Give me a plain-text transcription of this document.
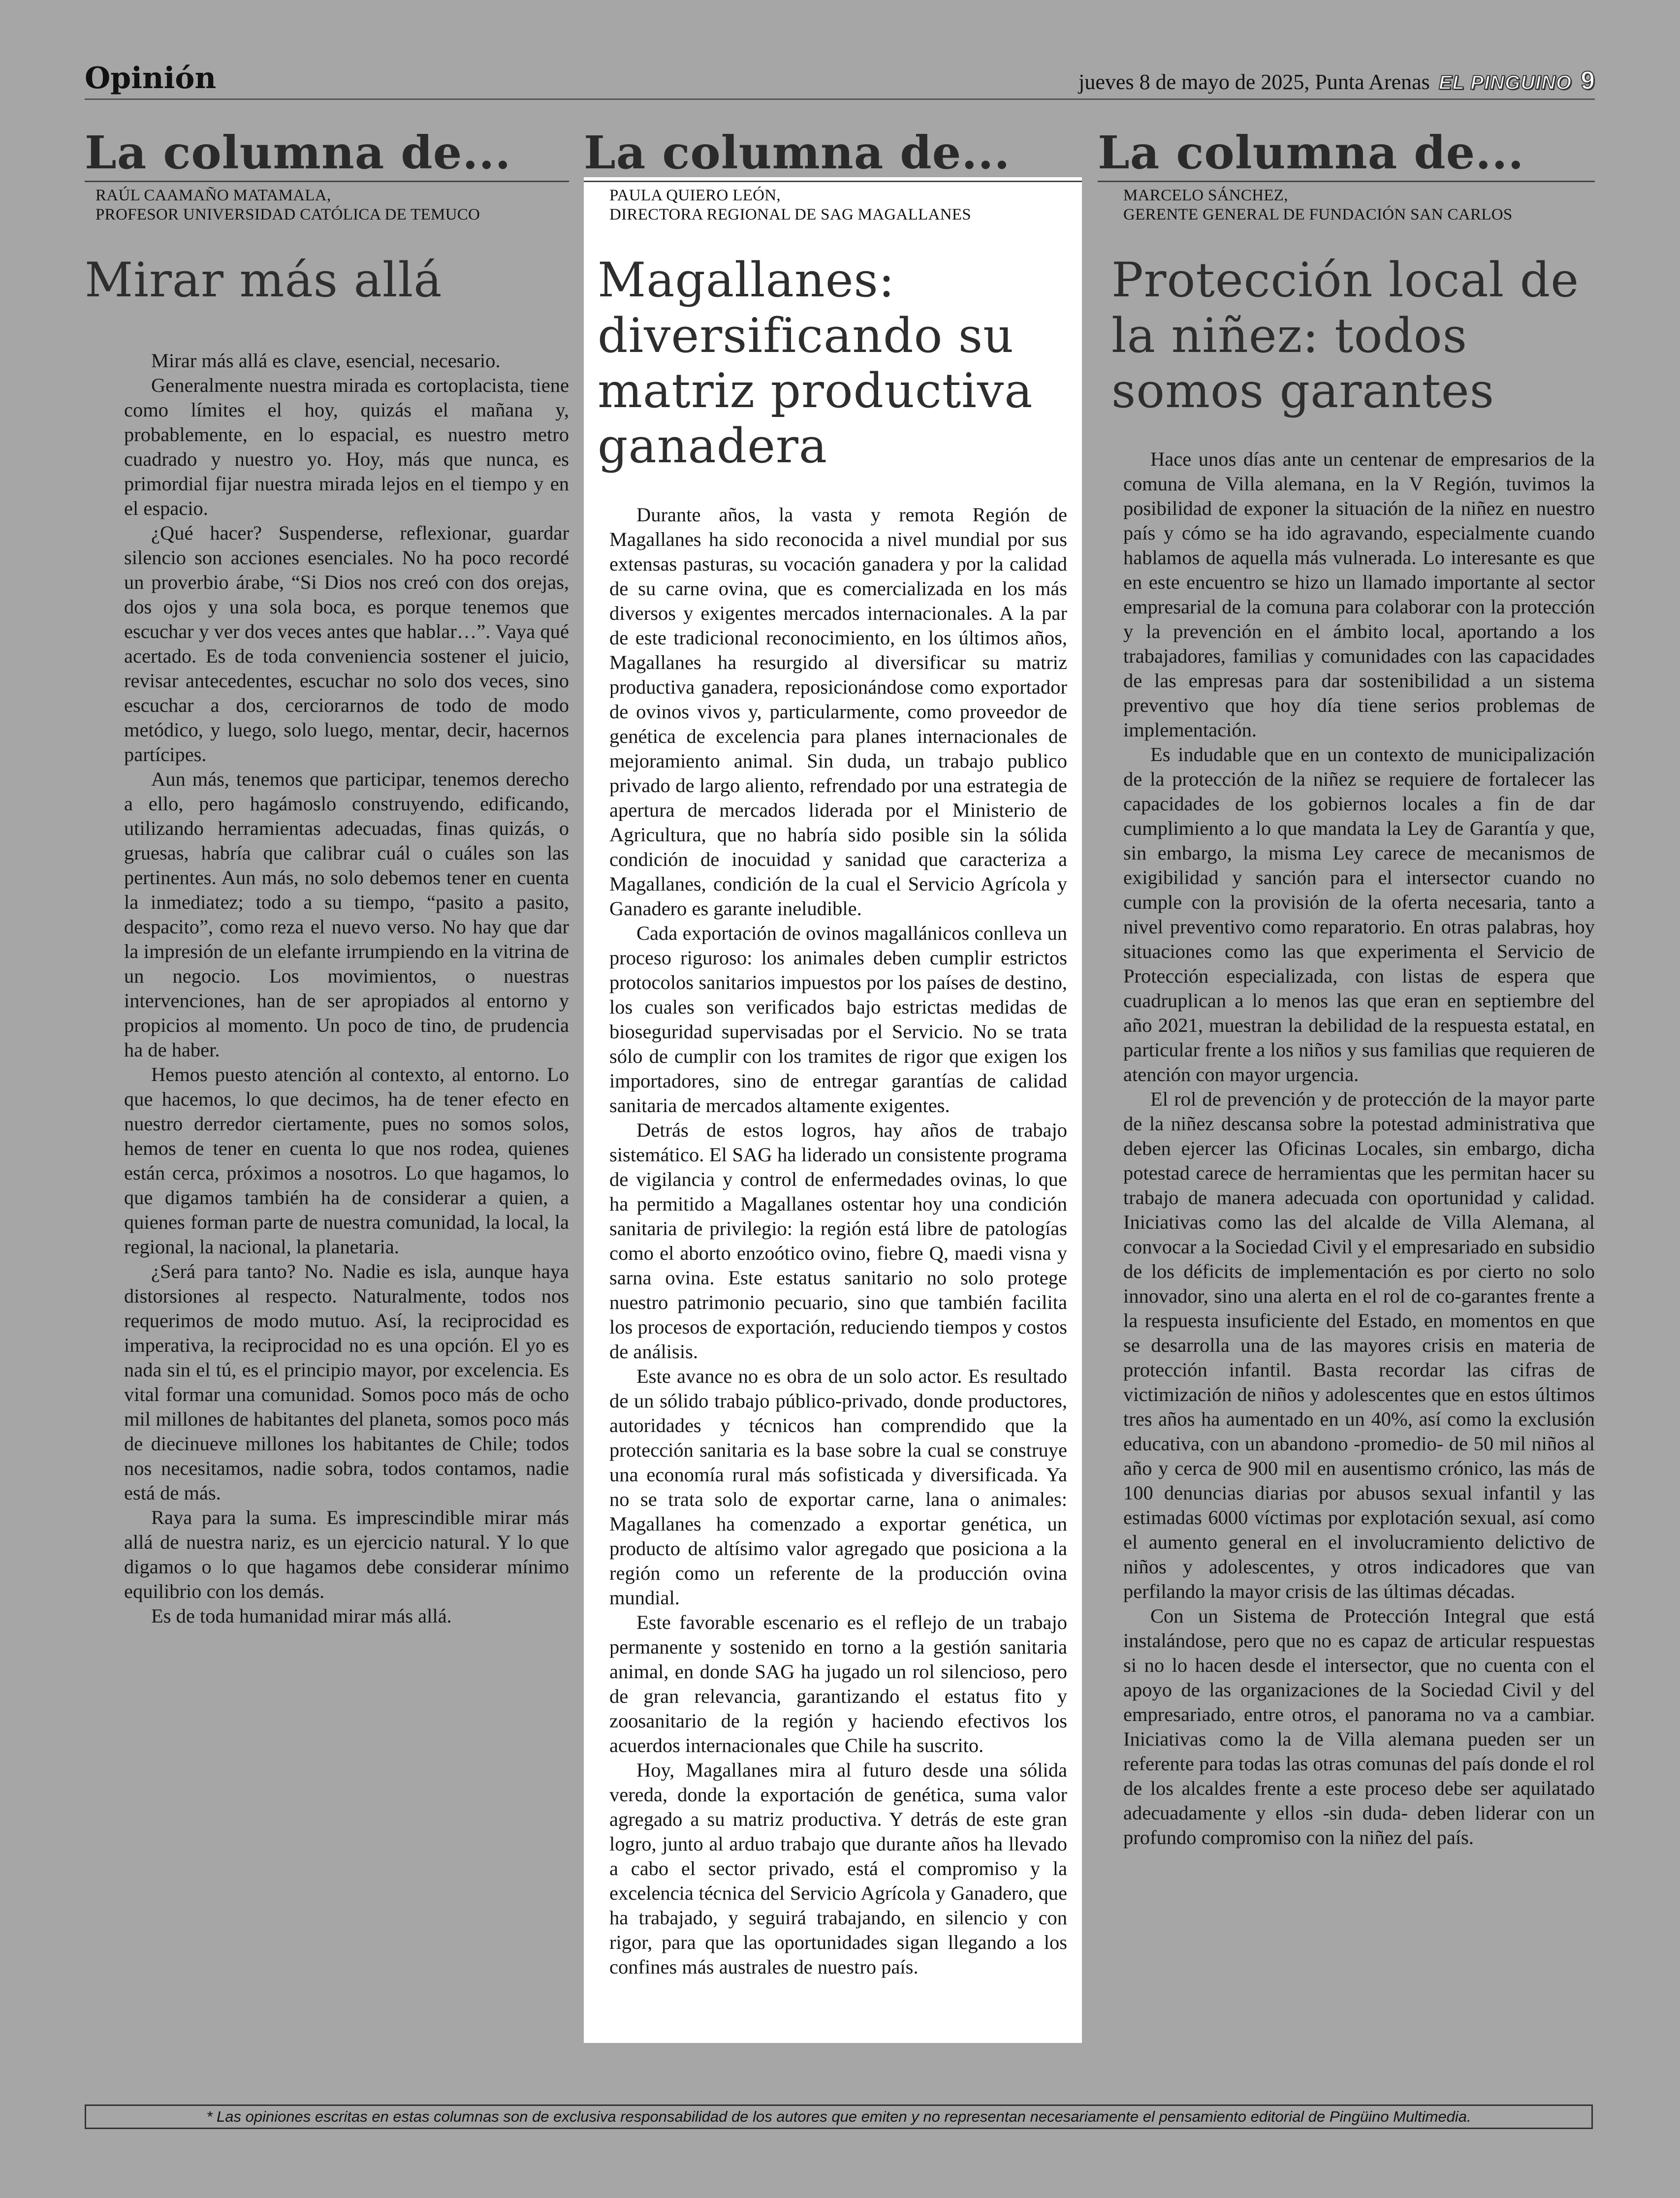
Opinión	jueves 8 de mayo de 2025, Punta Arenas EL PINGUINO 9
La columna de...
RAÚL CAAMAÑO MATAMALA,
PROFESOR UNIVERSIDAD CATÓLICA DE TEMUCO
Mirar más allá

Mirar más allá es clave, esencial, necesario.

Generalmente nuestra mirada es cortoplacista, tiene como límites el hoy, quizás el mañana y, probablemente, en lo espacial, es nuestro metro cuadrado y nuestro yo. Hoy, más que nunca, es primordial fijar nuestra mirada lejos en el tiempo y en el espacio.

¿Qué hacer? Suspenderse, reflexionar, guardar silencio son acciones esenciales. No ha poco recordé un proverbio árabe, “Si Dios nos creó con dos orejas, dos ojos y una sola boca, es porque tenemos que escuchar y ver dos veces antes que hablar…”. Vaya qué acertado. Es de toda conveniencia sostener el juicio, revisar antecedentes, escuchar no solo dos veces, sino escuchar a dos, cerciorarnos de todo de modo metódico, y luego, solo luego, mentar, decir, hacernos partícipes.

Aun más, tenemos que participar, tenemos derecho a ello, pero hagámoslo construyendo, edificando, utilizando herramientas adecuadas, finas quizás, o gruesas, habría que calibrar cuál o cuáles son las pertinentes. Aun más, no solo debemos tener en cuenta la inmediatez; todo a su tiempo, “pasito a pasito, despacito”, como reza el nuevo verso. No hay que dar la impresión de un elefante irrumpiendo en la vitrina de un negocio. Los movimientos, o nuestras intervenciones, han de ser apropiados al entorno y propicios al momento. Un poco de tino, de prudencia ha de haber.

Hemos puesto atención al contexto, al entorno. Lo que hacemos, lo que decimos, ha de tener efecto en nuestro derredor ciertamente, pues no somos solos, hemos de tener en cuenta lo que nos rodea, quienes están cerca, próximos a nosotros. Lo que hagamos, lo que digamos también ha de considerar a quien, a quienes forman parte de nuestra comunidad, la local, la regional, la nacional, la planetaria.

¿Será para tanto? No. Nadie es isla, aunque haya distorsiones al respecto. Naturalmente, todos nos requerimos de modo mutuo. Así, la reciprocidad es imperativa, la reciprocidad no es una opción. El yo es nada sin el tú, es el principio mayor, por excelencia. Es vital formar una comunidad. Somos poco más de ocho mil millones de habitantes del planeta, somos poco más de diecinueve millones los habitantes de Chile; todos nos necesitamos, nadie sobra, todos contamos, nadie está de más.

Raya para la suma. Es imprescindible mirar más allá de nuestra nariz, es un ejercicio natural. Y lo que digamos o lo que hagamos debe considerar mínimo equilibrio con los demás.

Es de toda humanidad mirar más allá.

La columna de...
PAULA QUIERO LEÓN,
DIRECTORA REGIONAL DE SAG MAGALLANES
Magallanes: diversificando su matriz productiva ganadera

Durante años, la vasta y remota Región de Magallanes ha sido reconocida a nivel mundial por sus extensas pasturas, su vocación ganadera y por la calidad de su carne ovina, que es comercializada en los más diversos y exigentes mercados internacionales. A la par de este tradicional reconocimiento, en los últimos años, Magallanes ha resurgido al diversificar su matriz productiva ganadera, reposicionándose como exportador de ovinos vivos y, particularmente, como proveedor de genética de excelencia para planes internacionales de mejoramiento animal. Sin duda, un trabajo publico privado de largo aliento, refrendado por una estrategia de apertura de mercados liderada por el Ministerio de Agricultura, que no habría sido posible sin la sólida condición de inocuidad y sanidad que caracteriza a Magallanes, condición de la cual el Servicio Agrícola y Ganadero es garante ineludible.

Cada exportación de ovinos magallánicos conlleva un proceso riguroso: los animales deben cumplir estrictos protocolos sanitarios impuestos por los países de destino, los cuales son verificados bajo estrictas medidas de bioseguridad supervisadas por el Servicio. No se trata sólo de cumplir con los tramites de rigor que exigen los importadores, sino de entregar garantías de calidad sanitaria de mercados altamente exigentes.

Detrás de estos logros, hay años de trabajo sistemático. El SAG ha liderado un consistente programa de vigilancia y control de enfermedades ovinas, lo que ha permitido a Magallanes ostentar hoy una condición sanitaria de privilegio: la región está libre de patologías como el aborto enzoótico ovino, fiebre Q, maedi visna y sarna ovina. Este estatus sanitario no solo protege nuestro patrimonio pecuario, sino que también facilita los procesos de exportación, reduciendo tiempos y costos de análisis.

Este avance no es obra de un solo actor. Es resultado de un sólido trabajo público-privado, donde productores, autoridades y técnicos han comprendido que la protección sanitaria es la base sobre la cual se construye una economía rural más sofisticada y diversificada. Ya no se trata solo de exportar carne, lana o animales: Magallanes ha comenzado a exportar genética, un producto de altísimo valor agregado que posiciona a la región como un referente de la producción ovina mundial.

Este favorable escenario es el reflejo de un trabajo permanente y sostenido en torno a la gestión sanitaria animal, en donde SAG ha jugado un rol silencioso, pero de gran relevancia, garantizando el estatus fito y zoosanitario de la región y haciendo efectivos los acuerdos internacionales que Chile ha suscrito.

Hoy, Magallanes mira al futuro desde una sólida vereda, donde la exportación de genética, suma valor agregado a su matriz productiva. Y detrás de este gran logro, junto al arduo trabajo que durante años ha llevado a cabo el sector privado, está el compromiso y la excelencia técnica del Servicio Agrícola y Ganadero, que ha trabajado, y seguirá trabajando, en silencio y con rigor, para que las oportunidades sigan llegando a los confines más australes de nuestro país.

La columna de...
MARCELO SÁNCHEZ,
GERENTE GENERAL DE FUNDACIÓN SAN CARLOS
Protección local de la niñez: todos somos garantes

Hace unos días ante un centenar de empresarios de la comuna de Villa alemana, en la V Región, tuvimos la posibilidad de exponer la situación de la niñez en nuestro país y cómo se ha ido agravando, especialmente cuando hablamos de aquella más vulnerada. Lo interesante es que en este encuentro se hizo un llamado importante al sector empresarial de la comuna para colaborar con la protección y la prevención en el ámbito local, aportando a los trabajadores, familias y comunidades con las capacidades de las empresas para dar sostenibilidad a un sistema preventivo que hoy día tiene serios problemas de implementación.

Es indudable que en un contexto de municipalización de la protección de la niñez se requiere de fortalecer las capacidades de los gobiernos locales a fin de dar cumplimiento a lo que mandata la Ley de Garantía y que, sin embargo, la misma Ley carece de mecanismos de exigibilidad y sanción para el intersector cuando no cumple con la provisión de la oferta necesaria, tanto a nivel preventivo como reparatorio. En otras palabras, hoy situaciones como las que experimenta el Servicio de Protección especializada, con listas de espera que cuadruplican a lo menos las que eran en septiembre del año 2021, muestran la debilidad de la respuesta estatal, en particular frente a los niños y sus familias que requieren de atención con mayor urgencia.

El rol de prevención y de protección de la mayor parte de la niñez descansa sobre la potestad administrativa que deben ejercer las Oficinas Locales, sin embargo, dicha potestad carece de herramientas que les permitan hacer su trabajo de manera adecuada con oportunidad y calidad. Iniciativas como las del alcalde de Villa Alemana, al convocar a la Sociedad Civil y el empresariado en subsidio de los déficits de implementación es por cierto no solo innovador, sino una alerta en el rol de co-garantes frente a la respuesta insuficiente del Estado, en momentos en que se desarrolla una de las mayores crisis en materia de protección infantil. Basta recordar las cifras de victimización de niños y adolescentes que en estos últimos tres años ha aumentado en un 40%, así como la exclusión educativa, con un abandono -promedio- de 50 mil niños al año y cerca de 900 mil en ausentismo crónico, las más de 100 denuncias diarias por abusos sexual infantil y las estimadas 6000 víctimas por explotación sexual, así como el aumento general en el involucramiento delictivo de niños y adolescentes, y otros indicadores que van perfilando la mayor crisis de las últimas décadas.

Con un Sistema de Protección Integral que está instalándose, pero que no es capaz de articular respuestas si no lo hacen desde el intersector, que no cuenta con el apoyo de las organizaciones de la Sociedad Civil y del empresariado, entre otros, el panorama no va a cambiar. Iniciativas como la de Villa alemana pueden ser un referente para todas las otras comunas del país donde el rol de los alcaldes frente a este proceso debe ser aquilatado adecuadamente y ellos -sin duda- deben liderar con un profundo compromiso con la niñez del país.

* Las opiniones escritas en estas columnas son de exclusiva responsabilidad de los autores que emiten y no representan necesariamente el pensamiento editorial de Pingüino Multimedia.
